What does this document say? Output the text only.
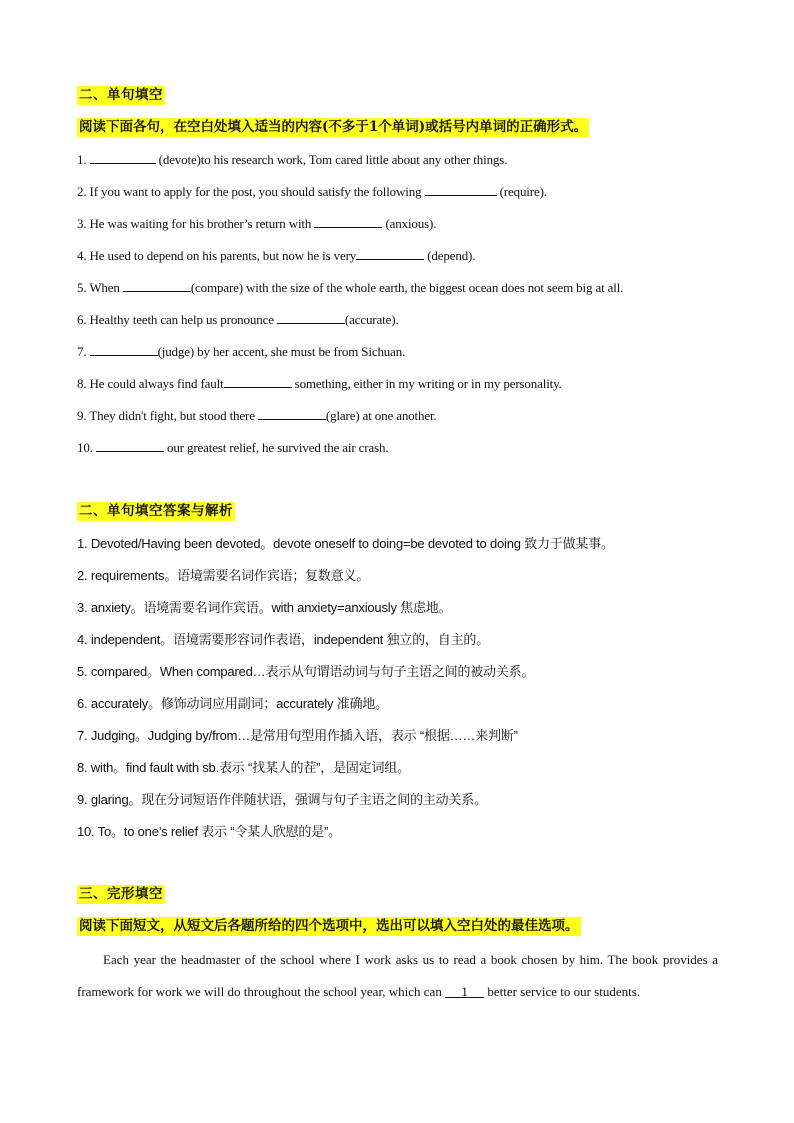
二、单句填空
阅读下面各句，在空白处填入适当的内容(不多于1个单词)或括号内单词的正确形式。
1.	(devote)to his research work, Tom cared little about any other things.
2. If you want to apply for the post, you should satisfy the following	(require).
3. He was waiting for his brother’s return with	(anxious).
4. He used to depend on his parents, but now he is very	(depend).
5. When	(compare) with the size of the whole earth, the biggest ocean does not seem big at all.
6. Healthy teeth can help us pronounce	(accurate).
7.	(judge) by her accent, she must be from Sichuan.
8. He could always find fault	something, either in my writing or in my personality.
9. They didn't fight, but stood there	(glare) at one another.
10.	our greatest relief, he survived the air crash.
二、单句填空答案与解析
1. Devoted/Having been devoted。devote oneself to doing=be devoted to doing 致力于做某事。
2. requirements。语境需要名词作宾语；复数意义。
3. anxiety。语境需要名词作宾语。with anxiety=anxiously 焦虑地。
4. independent。语境需要形容词作表语，independent 独立的，自主的。
5. compared。When compared…表示从句谓语动词与句子主语之间的被动关系。
6. accurately。修饰动词应用副词；accurately 准确地。
7. Judging。Judging by/from…是常用句型用作插入语，表示 “根据……来判断”
8. with。find fault with sb.表示 “找某人的茬”，是固定词组。
9. glaring。现在分词短语作伴随状语，强调与句子主语之间的主动关系。
10. To。to one’s relief 表示 “令某人欣慰的是”。
三、完形填空
阅读下面短文，从短文后各题所给的四个选项中，选出可以填入空白处的最佳选项。
Each year the headmaster of the school where I work asks us to read a book chosen by him. The book provides a framework for work we will do throughout the school year, which can      1      better service to our students.
